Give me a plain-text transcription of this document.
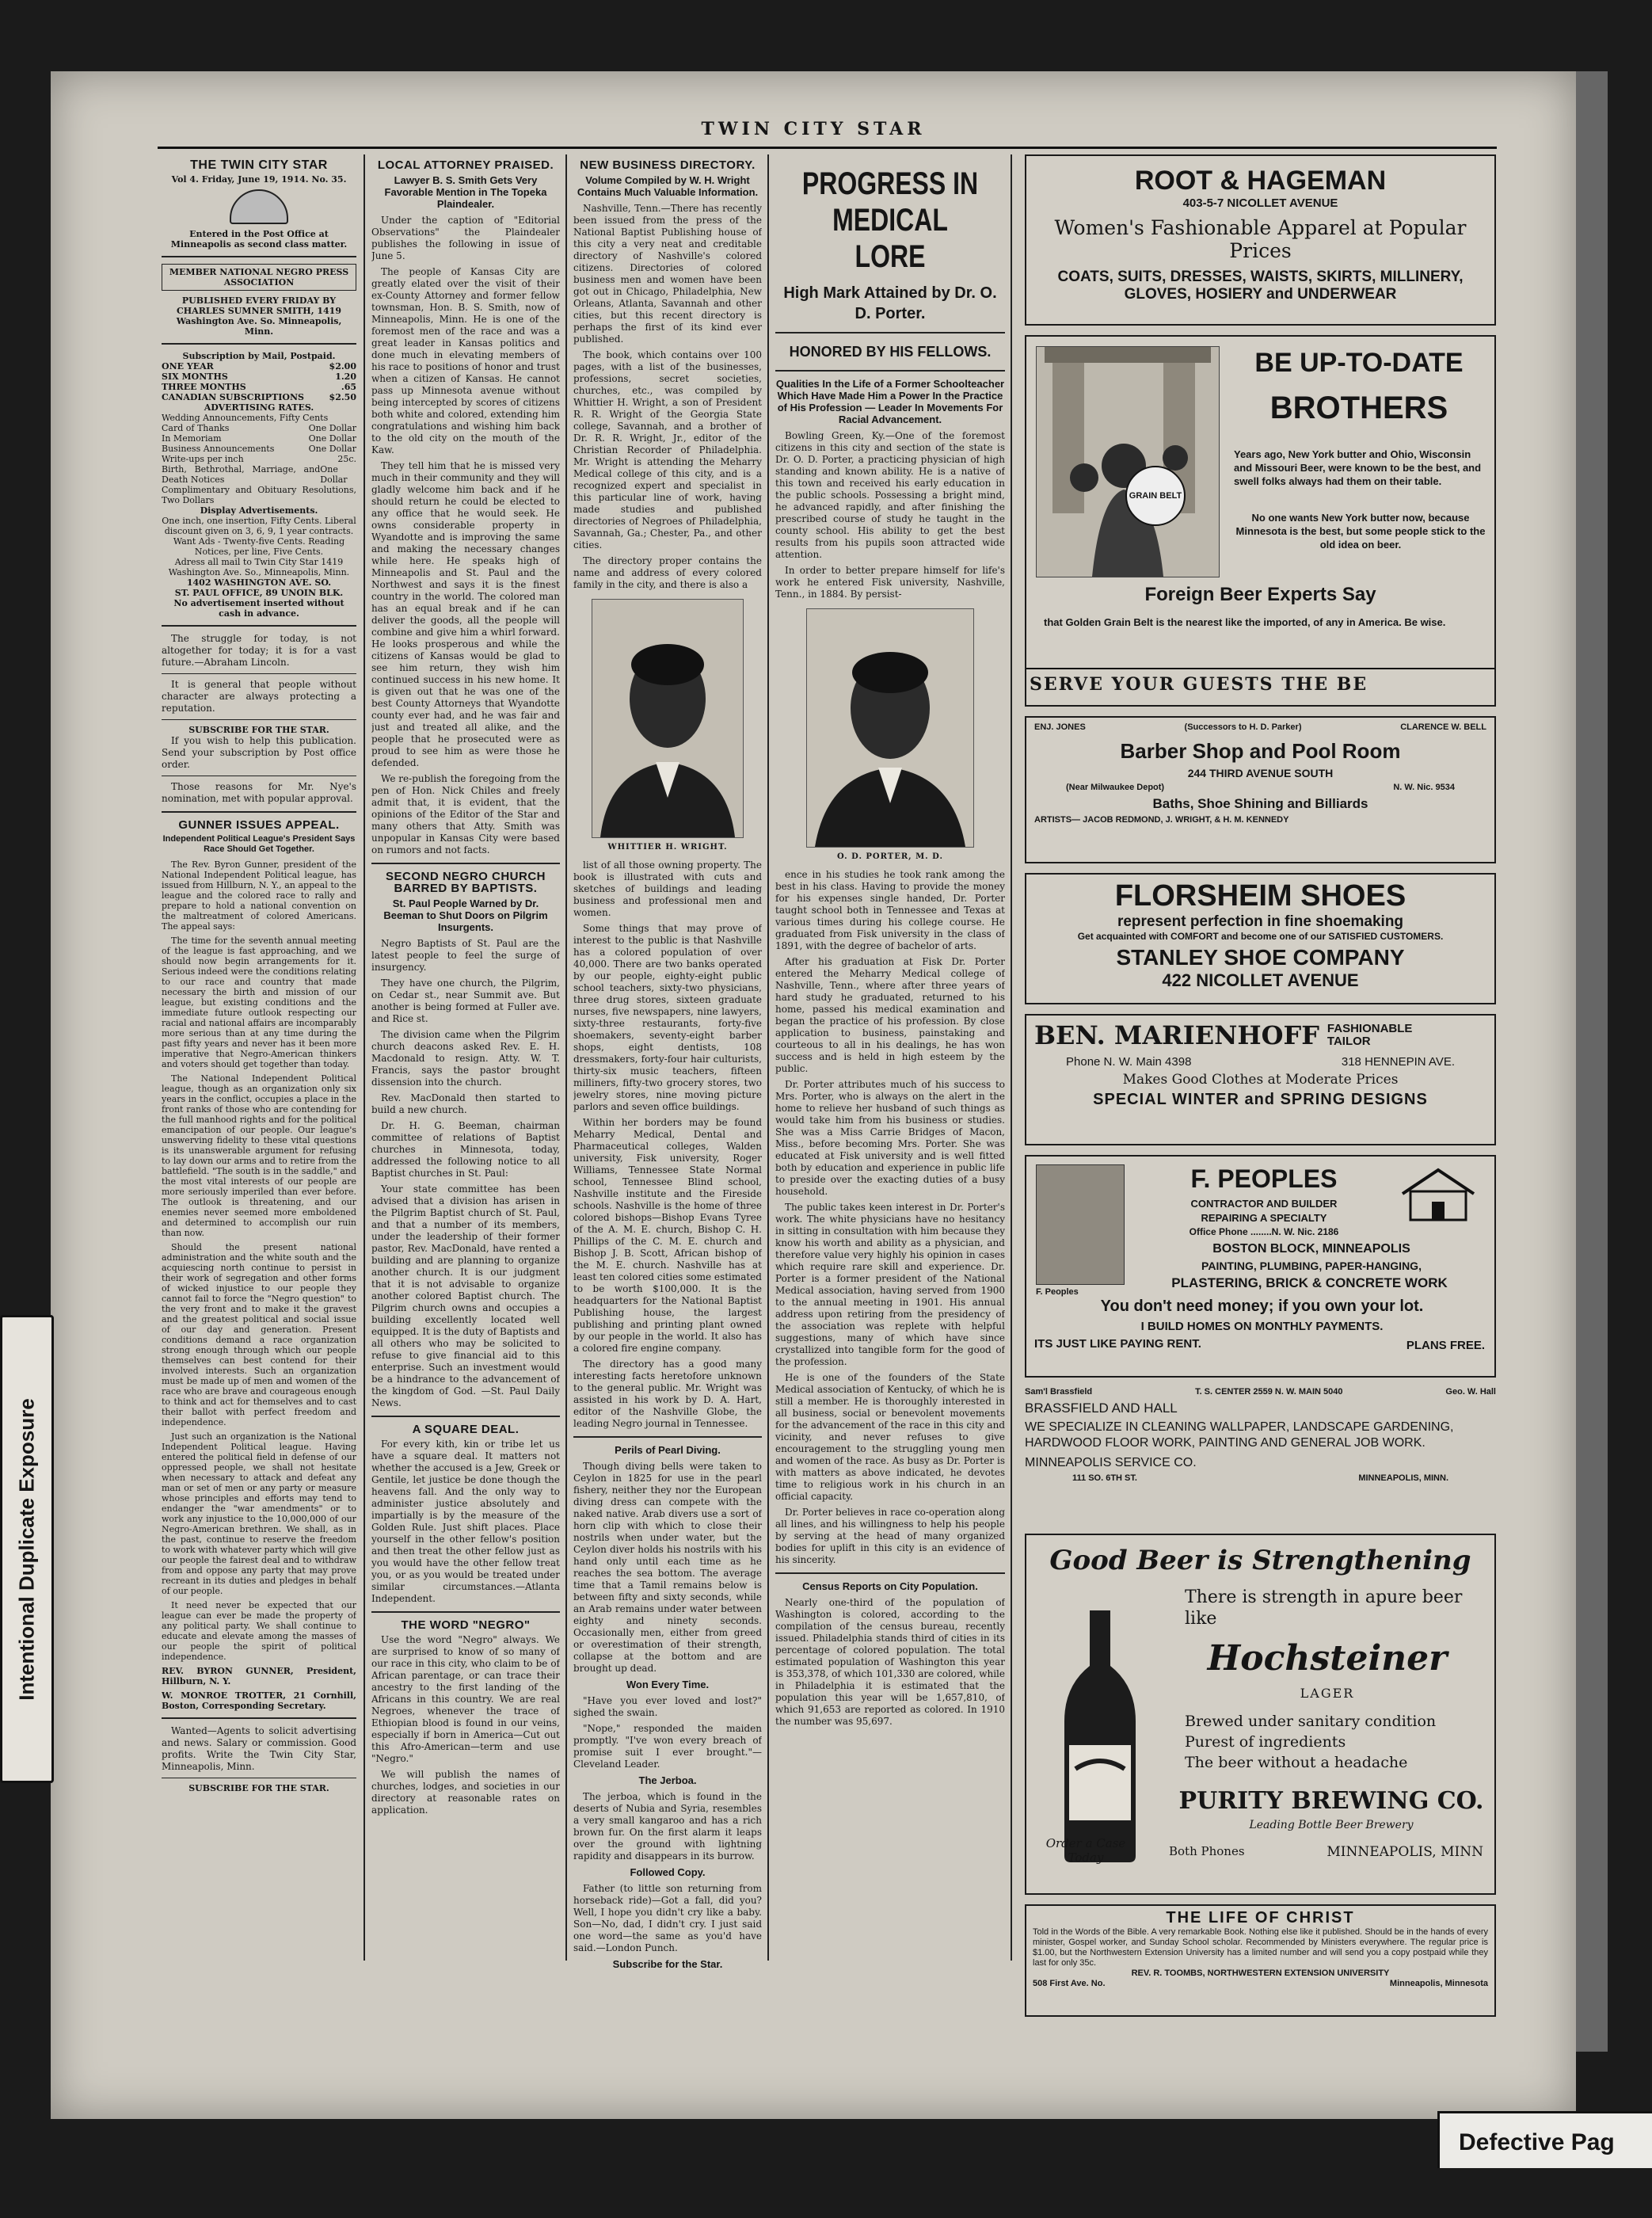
TWIN CITY STAR
THE TWIN CITY STAR
Vol 4. Friday, June 19, 1914. No. 35.
Entered in the Post Office at Minneapolis as second class matter.
MEMBER NATIONAL NEGRO PRESS ASSOCIATION
PUBLISHED EVERY FRIDAY BY CHARLES SUMNER SMITH, 1419 Washington Ave. So. Minneapolis, Minn.
Subscription by Mail, Postpaid.
ONE YEAR	$2.00
SIX MONTHS	1.20
THREE MONTHS	.65
CANADIAN SUBSCRIPTIONS	$2.50
ADVERTISING RATES.
Wedding Announcements, Fifty Cents
Card of Thanks	One Dollar
In Memoriam	One Dollar
Business Announcements	One Dollar
Write-ups per inch	25c.
Birth, Bethrothal, Marriage, and Death Notices
One Dollar
Complimentary and Obituary Resolutions, Two Dollars
Display Advertisements.
One inch, one insertion, Fifty Cents. Liberal discount given on 3, 6, 9, 1 year contracts.
Want Ads - Twenty-five Cents. Reading Notices, per line, Five Cents.
Adress all mail to Twin City Star 1419 Washington Ave. So., Minneapolis, Minn.
1402 WASHINGTON AVE. SO.
ST. PAUL OFFICE, 89 UNOIN BLK.
No advertisement inserted without cash in advance.

The struggle for today, is not altogether for today; it is for a vast future.—Abraham Lincoln.

It is general that people without character are always protecting a reputation.

SUBSCRIBE FOR THE STAR.

If you wish to help this publication. Send your subscription by Post office order.

Those reasons for Mr. Nye's nomination, met with popular approval.

GUNNER ISSUES APPEAL.
Independent Political League's President Says Race Should Get Together.

The Rev. Byron Gunner, president of the National Independent Political league, has issued from Hillburn, N. Y., an appeal to the league and the colored race to rally and prepare to hold a national convention on the maltreatment of colored Americans. The appeal says:

The time for the seventh annual meeting of the league is fast approaching, and we should now begin arrangements for it. Serious indeed were the conditions relating to our race and country that made necessary the birth and mission of our league, but existing conditions and the immediate future outlook respecting our racial and national affairs are incomparably more serious than at any time during the past fifty years and never has it been more imperative that Negro-American thinkers and voters should get together than today.

The National Independent Political league, though as an organization only six years in the conflict, occupies a place in the front ranks of those who are contending for the full manhood rights and for the political emancipation of our people. Our league's unswerving fidelity to these vital questions is its unanswerable argument for refusing to lay down our arms and to retire from the battlefield. "The south is in the saddle," and the most vital interests of our people are more seriously imperiled than ever before. The outlook is threatening, and our enemies never seemed more emboldened and determined to accomplish our ruin than now.

Should the present national administration and the white south and the acquiescing north continue to persist in their work of segregation and other forms of wicked injustice to our people they cannot fail to force the "Negro question" to the very front and to make it the gravest and the greatest political and social issue of our day and generation. Present conditions demand a race organization strong enough through which our people themselves can best contend for their involved interests. Such an organization must be made up of men and women of the race who are brave and courageous enough to think and act for themselves and to cast their ballot with perfect freedom and independence.

Just such an organization is the National Independent Political league. Having entered the political field in defense of our oppressed people, we shall not hesitate when necessary to attack and defeat any man or set of men or any party or measure whose principles and efforts may tend to endanger the "war amendments" or to work any injustice to the 10,000,000 of our Negro-American brethren. We shall, as in the past, continue to reserve the freedom to work with whatever party which will give our people the fairest deal and to withdraw from and oppose any party that may prove recreant in its duties and pledges in behalf of our people.

It need never be expected that our league can ever be made the property of any political party. We shall continue to educate and elevate among the masses of our people the spirit of political independence.

REV. BYRON GUNNER, President, Hillburn, N. Y.

W. MONROE TROTTER, 21 Cornhill, Boston, Corresponding Secretary.

Wanted—Agents to solicit advertising and news. Salary or commission. Good profits. Write the Twin City Star, Minneapolis, Minn.

SUBSCRIBE FOR THE STAR.
LOCAL ATTORNEY PRAISED.
Lawyer B. S. Smith Gets Very Favorable Mention in The Topeka Plaindealer.

Under the caption of "Editorial Observations" the Plaindealer publishes the following in issue of June 5.

The people of Kansas City are greatly elated over the visit of their ex-County Attorney and former fellow townsman, Hon. B. S. Smith, now of Minneapolis, Minn. He is one of the foremost men of the race and was a great leader in Kansas politics and done much in elevating members of his race to positions of honor and trust when a citizen of Kansas. He cannot pass up Minnesota avenue without being intercepted by scores of citizens both white and colored, extending him congratulations and wishing him back to the old city on the mouth of the Kaw.

They tell him that he is missed very much in their community and they will gladly welcome him back and if he should return he could be elected to any office that he would seek. He owns considerable property in Wyandotte and is improving the same and making the necessary changes while here. He speaks high of Minneapolis and St. Paul and the Northwest and says it is the finest country in the world. The colored man has an equal break and if he can deliver the goods, all the people will combine and give him a whirl forward. He looks prosperous and while the citizens of Kansas would be glad to see him return, they wish him continued success in his new home. It is given out that he was one of the best County Attorneys that Wyandotte county ever had, and he was fair and just and treated all alike, and the people that he prosecuted were as proud to see him as were those he defended.

We re-publish the foregoing from the pen of Hon. Nick Chiles and freely admit that, it is evident, that the opinions of the Editor of the Star and many others that Atty. Smith was unpopular in Kansas City were based on rumors and not facts.

SECOND NEGRO CHURCH BARRED BY BAPTISTS.
St. Paul People Warned by Dr. Beeman to Shut Doors on Pilgrim Insurgents.

Negro Baptists of St. Paul are the latest people to feel the surge of insurgency.

They have one church, the Pilgrim, on Cedar st., near Summit ave. But another is being formed at Fuller ave. and Rice st.

The division came when the Pilgrim church deacons asked Rev. E. H. Macdonald to resign. Atty. W. T. Francis, says the pastor brought dissension into the church.

Rev. MacDonald then started to build a new church.

Dr. H. G. Beeman, chairman committee of relations of Baptist churches in Minnesota, today, addressed the following notice to all Baptist churches in St. Paul:

Your state committee has been advised that a division has arisen in the Pilgrim Baptist church of St. Paul, and that a number of its members, under the leadership of their former pastor, Rev. MacDonald, have rented a building and are planning to organize another church. It is our judgment that it is not advisable to organize another colored Baptist church. The Pilgrim church owns and occupies a building excellently located well equipped. It is the duty of Baptists and all others who may be solicited to refuse to give financial aid to this enterprise. Such an investment would be a hindrance to the advancement of the kingdom of God. —St. Paul Daily News.

A SQUARE DEAL.

For every kith, kin or tribe let us have a square deal. It matters not whether the accused is a Jew, Greek or Gentile, let justice be done though the heavens fall. And the only way to administer justice absolutely and impartially is by the measure of the Golden Rule. Just shift places. Place yourself in the other fellow's position and then treat the other fellow just as you would have the other fellow treat you, or as you would be treated under similar circumstances.—Atlanta Independent.

THE WORD "NEGRO"

Use the word "Negro" always. We are surprised to know of so many of our race in this city, who claim to be of African parentage, or can trace their ancestry to the first landing of the Africans in this country. We are real Negroes, whenever the trace of Ethiopian blood is found in our veins, especially if born in America—Cut out this Afro-American—term and use "Negro."

We will publish the names of churches, lodges, and societies in our directory at reasonable rates on application.

NEW BUSINESS DIRECTORY.
Volume Compiled by W. H. Wright Contains Much Valuable Information.

Nashville, Tenn.—There has recently been issued from the press of the National Baptist Publishing house of this city a very neat and creditable directory of Nashville's colored citizens. Directories of colored business men and women have been got out in Chicago, Philadelphia, New Orleans, Atlanta, Savannah and other cities, but this recent directory is perhaps the first of its kind ever published.

The book, which contains over 100 pages, with a list of the businesses, professions, secret societies, churches, etc., was compiled by Whittier H. Wright, a son of President R. R. Wright of the Georgia State college, Savannah, and a brother of Dr. R. R. Wright, Jr., editor of the Christian Recorder of Philadelphia. Mr. Wright is attending the Meharry Medical college of this city, and is a recognized expert and specialist in this particular line of work, having made studies and published directories of Negroes of Philadelphia, Savannah, Ga.; Chester, Pa., and other cities.

The directory proper contains the name and address of every colored family in the city, and there is also a

WHITTIER H. WRIGHT.

list of all those owning property. The book is illustrated with cuts and sketches of buildings and leading business and professional men and women.

Some things that may prove of interest to the public is that Nashville has a colored population of over 40,000. There are two banks operated by our people, eighty-eight public school teachers, sixty-two physicians, three drug stores, sixteen graduate nurses, five newspapers, nine lawyers, sixty-three restaurants, forty-five shoemakers, seventy-eight barber shops, eight dentists, 108 dressmakers, forty-four hair culturists, thirty-six music teachers, fifteen milliners, fifty-two grocery stores, two jewelry stores, nine moving picture parlors and seven office buildings.

Within her borders may be found Meharry Medical, Dental and Pharmaceutical colleges, Walden university, Fisk university, Roger Williams, Tennessee State Normal school, Tennessee Blind school, Nashville institute and the Fireside schools. Nashville is the home of three colored bishops—Bishop Evans Tyree of the A. M. E. church, Bishop C. H. Phillips of the C. M. E. church and Bishop J. B. Scott, African bishop of the M. E. church. Nashville has at least ten colored cities some estimated to be worth $100,000. It is the headquarters for the National Baptist Publishing house, the largest publishing and printing plant owned by our people in the world. It also has a colored fire engine company.

The directory has a good many interesting facts heretofore unknown to the general public. Mr. Wright was assisted in his work by D. A. Hart, editor of the Nashville Globe, the leading Negro journal in Tennessee.

Perils of Pearl Diving.

Though diving bells were taken to Ceylon in 1825 for use in the pearl fishery, neither they nor the European diving dress can compete with the naked native. Arab divers use a sort of horn clip with which to close their nostrils when under water, but the Ceylon diver holds his nostrils with his hand only until each time as he reaches the sea bottom. The average time that a Tamil remains below is between fifty and sixty seconds, while an Arab remains under water between eighty and ninety seconds. Occasionally men, either from greed or overestimation of their strength, collapse at the bottom and are brought up dead.

Won Every Time.

"Have you ever loved and lost?" sighed the swain.

"Nope," responded the maiden promptly. "I've won every breach of promise suit I ever brought."—Cleveland Leader.

The Jerboa.

The jerboa, which is found in the deserts of Nubia and Syria, resembles a very small kangaroo and has a rich brown fur. On the first alarm it leaps over the ground with lightning rapidity and disappears in its burrow.

Followed Copy.

Father (to little son returning from horseback ride)—Got a fall, did you? Well, I hope you didn't cry like a baby. Son—No, dad, I didn't cry. I just said one word—the same as you'd have said.—London Punch.

Subscribe for the Star.
PROGRESS IN MEDICAL LORE
High Mark Attained by Dr. O. D. Porter.
HONORED BY HIS FELLOWS.
Qualities In the Life of a Former Schoolteacher Which Have Made Him a Power In the Practice of His Profession — Leader In Movements For Racial Advancement.

Bowling Green, Ky.—One of the foremost citizens in this city and section of the state is Dr. O. D. Porter, a practicing physician of high standing and known ability. He is a native of this town and received his early education in the public schools. Possessing a bright mind, he advanced rapidly, and after finishing the prescribed course of study he taught in the county school. His ability to get the best results from his pupils soon attracted wide attention.

In order to better prepare himself for life's work he entered Fisk university, Nashville, Tenn., in 1884. By persist-

O. D. PORTER, M. D.

ence in his studies he took rank among the best in his class. Having to provide the money for his expenses single handed, Dr. Porter taught school both in Tennessee and Texas at various times during his college course. He graduated from Fisk university in the class of 1891, with the degree of bachelor of arts.

After his graduation at Fisk Dr. Porter entered the Meharry Medical college of Nashville, Tenn., where after three years of hard study he graduated, returned to his home, passed his medical examination and began the practice of his profession. By close application to business, painstaking and courteous to all in his dealings, he has won success and is held in high esteem by the public.

Dr. Porter attributes much of his success to Mrs. Porter, who is always on the alert in the home to relieve her husband of such things as would take him from his business or studies. She was a Miss Carrie Bridges of Macon, Miss., before becoming Mrs. Porter. She was educated at Fisk university and is well fitted both by education and experience in public life to preside over the exacting duties of a busy household.

The public takes keen interest in Dr. Porter's work. The white physicians have no hesitancy in sitting in consultation with him because they know his worth and ability as a physician, and therefore value very highly his opinion in cases which require rare skill and experience. Dr. Porter is a former president of the National Medical association, having served from 1900 to the annual meeting in 1901. His annual address upon retiring from the presidency of the association was replete with helpful suggestions, many of which have since crystallized into tangible form for the good of the profession.

He is one of the founders of the State Medical association of Kentucky, of which he is still a member. He is thoroughly interested in all business, social or benevolent movements for the advancement of the race in this city and vicinity, and never refuses to give encouragement to the struggling young men and women of the race. As busy as Dr. Porter is with matters as above indicated, he devotes time to religious work in his church in an official capacity.

Dr. Porter believes in race co-operation along all lines, and his willingness to help his people by serving at the head of many organized bodies for uplift in this city is an evidence of his sincerity.

Census Reports on City Population.

Nearly one-third of the population of Washington is colored, according to the compilation of the census bureau, recently issued. Philadelphia stands third of cities in its percentage of colored population. The total estimated population of Washington this year is 353,378, of which 101,330 are colored, while in Philadelphia it is estimated that the population this year will be 1,657,810, of which 91,653 are reported as colored. In 1910 the number was 95,697.

ROOT & HAGEMAN
403-5-7 NICOLLET AVENUE
Women's Fashionable Apparel at Popular Prices
COATS, SUITS, DRESSES, WAISTS, SKIRTS, MILLINERY, GLOVES, HOSIERY and UNDERWEAR
GRAIN BELT
BE UP-TO-DATE
BROTHERS
Years ago, New York butter and Ohio, Wisconsin and Missouri Beer, were known to be the best, and swell folks always had them on their table.
No one wants New York butter now, because Minnesota is the best, but some people stick to the old idea on beer.
Foreign Beer Experts Say
that Golden Grain Belt is the nearest like the imported, of any in America. Be wise.
SERVE YOUR GUESTS THE BE
ENJ. JONES	(Successors to H. D. Parker)	CLARENCE W. BELL
Barber Shop and Pool Room
244 THIRD AVENUE SOUTH
(Near Milwaukee Depot)	N. W. Nic. 9534
Baths, Shoe Shining and Billiards
ARTISTS— JACOB REDMOND, J. WRIGHT, & H. M. KENNEDY
FLORSHEIM SHOES
represent perfection in fine shoemaking
Get acquainted with COMFORT and become one of our SATISFIED CUSTOMERS.
STANLEY SHOE COMPANY
422 NICOLLET AVENUE
BEN. MARIENHOFF FASHIONABLE
TAILOR
Phone N. W. Main 4398	318 HENNEPIN AVE.
Makes Good Clothes at Moderate Prices
SPECIAL WINTER and SPRING DESIGNS
F. Peoples
F. PEOPLES
CONTRACTOR AND BUILDER
REPAIRING A SPECIALTY
Office Phone ........N. W. Nic. 2186
BOSTON BLOCK, MINNEAPOLIS
PAINTING, PLUMBING, PAPER-HANGING,
PLASTERING, BRICK & CONCRETE WORK
You don't need money; if you own your lot.
I BUILD HOMES ON MONTHLY PAYMENTS.
ITS JUST LIKE PAYING RENT.	PLANS FREE.
Sam'l Brassfield	T. S. CENTER 2559 N. W. MAIN 5040	Geo. W. Hall
BRASSFIELD AND HALL
WE SPECIALIZE IN CLEANING WALLPAPER, LANDSCAPE GARDENING, HARDWOOD FLOOR WORK, PAINTING AND GENERAL JOB WORK.
MINNEAPOLIS SERVICE CO.
111 SO. 6TH ST.	MINNEAPOLIS, MINN.
Good Beer is Strengthening
There is strength in apure beer like
Hochsteiner
LAGER
Brewed under sanitary condition
Purest of ingredients
The beer without a headache
PURITY BREWING CO.
Leading Bottle Beer Brewery
Order a Case Today	Both Phones	MINNEAPOLIS, MINN
THE LIFE OF CHRIST
Told in the Words of the Bible. A very remarkable Book. Nothing else like it published. Should be in the hands of every minister, Gospel worker, and Sunday School scholar. Recommended by Ministers everywhere. The regular price is $1.00, but the Northwestern Extension University has a limited number and will send you a copy postpaid while they last for only 35c.
REV. R. TOOMBS, NORTHWESTERN EXTENSION UNIVERSITY
508 First Ave. No.	Minneapolis, Minnesota
Intentional Duplicate Exposure
Defective Pag
